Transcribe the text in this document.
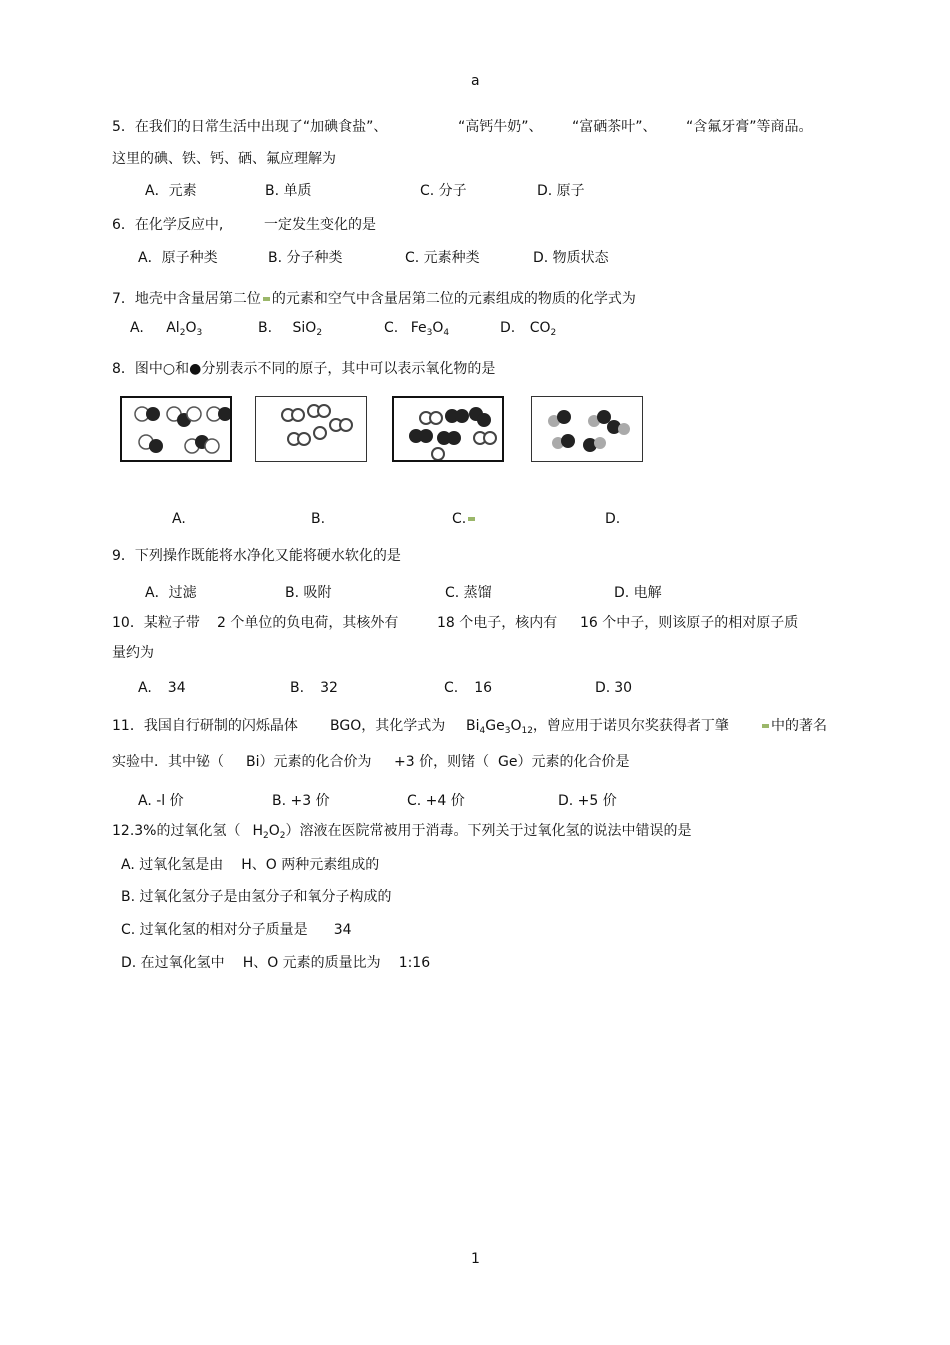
a
5．在我们的日常生活中出现了“加碘食盐”、	“高钙牛奶”、 “富硒茶叶”、 “含氟牙膏”等商品。
这里的碘、铁、钙、硒、氟应理解为
A．元素	B. 单质	C. 分子	D. 原子
6．在化学反应中,	一定发生变化的是
A．原子种类	B. 分子种类	C. 元素种类	D. 物质状态
7．地壳中含量居第二位 的元素和空气中含量居第二位的元素组成的物质的化学式为
A. $Al_2O_3$	B. SiO$_2$	C. $Fe_3O_4$	D. $CO_2$
8．图中○和●分别表示不同的原子，其中可以表示氧化物的是
A.	B.	C.	D.
9．下列操作既能将水净化又能将硬水软化的是
A．过滤	B. 吸附	C. 蒸馏	D. 电解
10．某粒子带 2 个单位的负电荷，其核外有	18 个电子，核内有 16 个中子，则该原子的相对原子质
量约为
A. 34	B. 32	C. 16	D. 30
11．我国自行研制的闪烁晶体 BGO，其化学式为 $Bi_4Ge_3O_{12}$，曾应用于诺贝尔奖获得者丁肇	中的著名
实验中．其中铋（ Bi）元素的化合价为 +3 价，则锗（ Ge）元素的化合价是
A. -l 价	B. +3 价	C. +4 价	D. +5 价
12.3%的过氧化氢（ $H_2O_2$）溶液在医院常被用于消毒。下列关于过氧化氢的说法中错误的是
A. 过氧化氢是由 H、O 两种元素组成的
B. 过氧化氢分子是由氢分子和氧分子构成的
C. 过氧化氢的相对分子质量是 34
D. 在过氧化氢中 H、O 元素的质量比为 1:16
1
